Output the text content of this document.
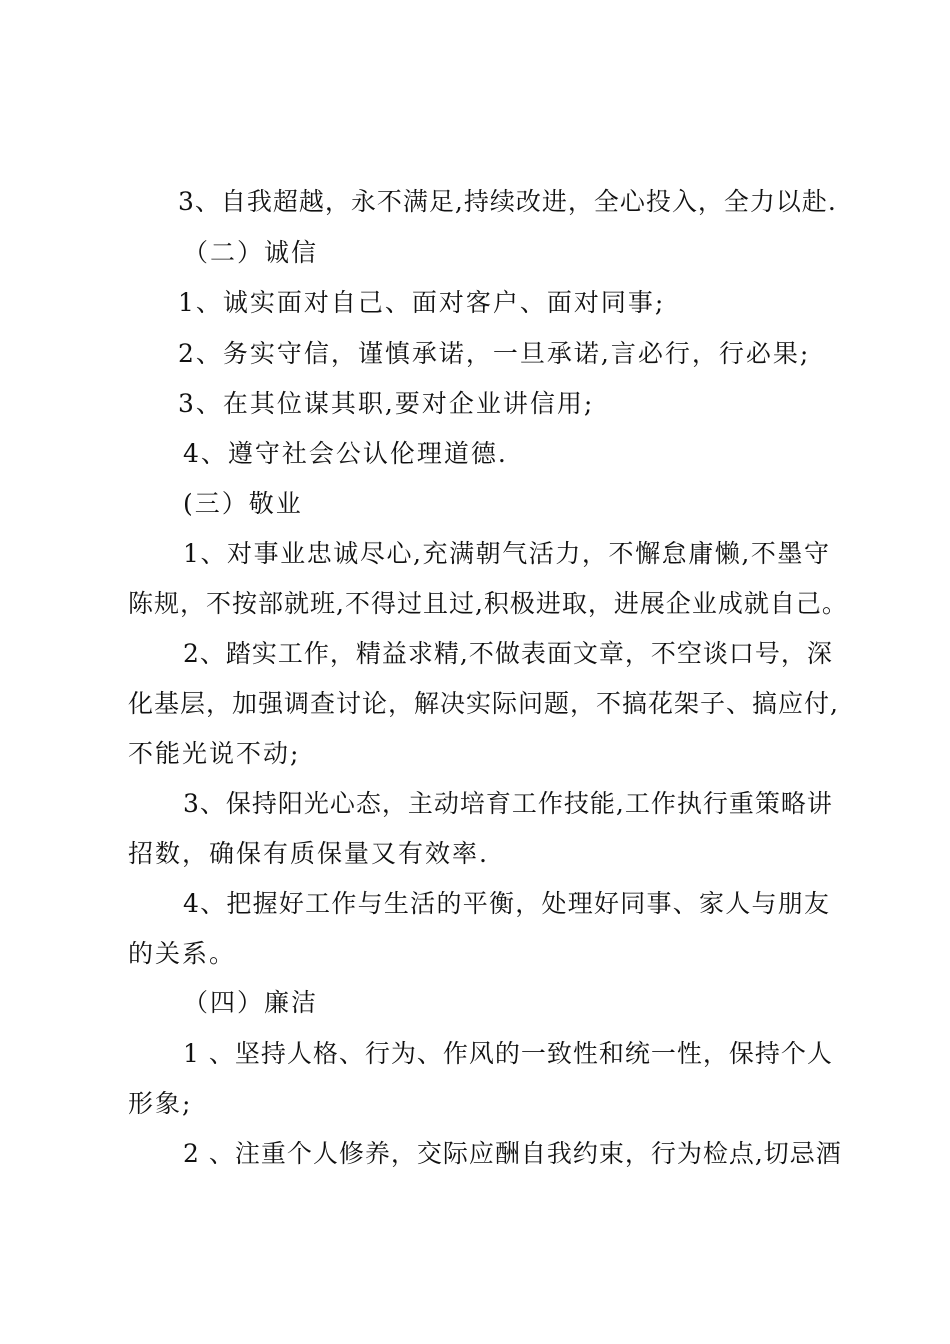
3、自我超越，永不满足,持续改进，全心投入，全力以赴.
（二）诚信
1、诚实面对自己、面对客户、面对同事;
2、务实守信，谨慎承诺，一旦承诺,言必行，行必果;
3、在其位谋其职,要对企业讲信用;
4、遵守社会公认伦理道德.
(三）敬业
1、对事业忠诚尽心,充满朝气活力，不懈怠庸懒,不墨守
陈规，不按部就班,不得过且过,积极进取，进展企业成就自己。
2、踏实工作，精益求精,不做表面文章，不空谈口号，深
化基层，加强调查讨论，解决实际问题，不搞花架子、搞应付,
不能光说不动;
3、保持阳光心态，主动培育工作技能,工作执行重策略讲
招数，确保有质保量又有效率.
4、把握好工作与生活的平衡，处理好同事、家人与朋友
的关系。
（四）廉洁
1 、坚持人格、行为、作风的一致性和统一性，保持个人
形象;
2 、注重个人修养，交际应酬自我约束，行为检点,切忌酒
